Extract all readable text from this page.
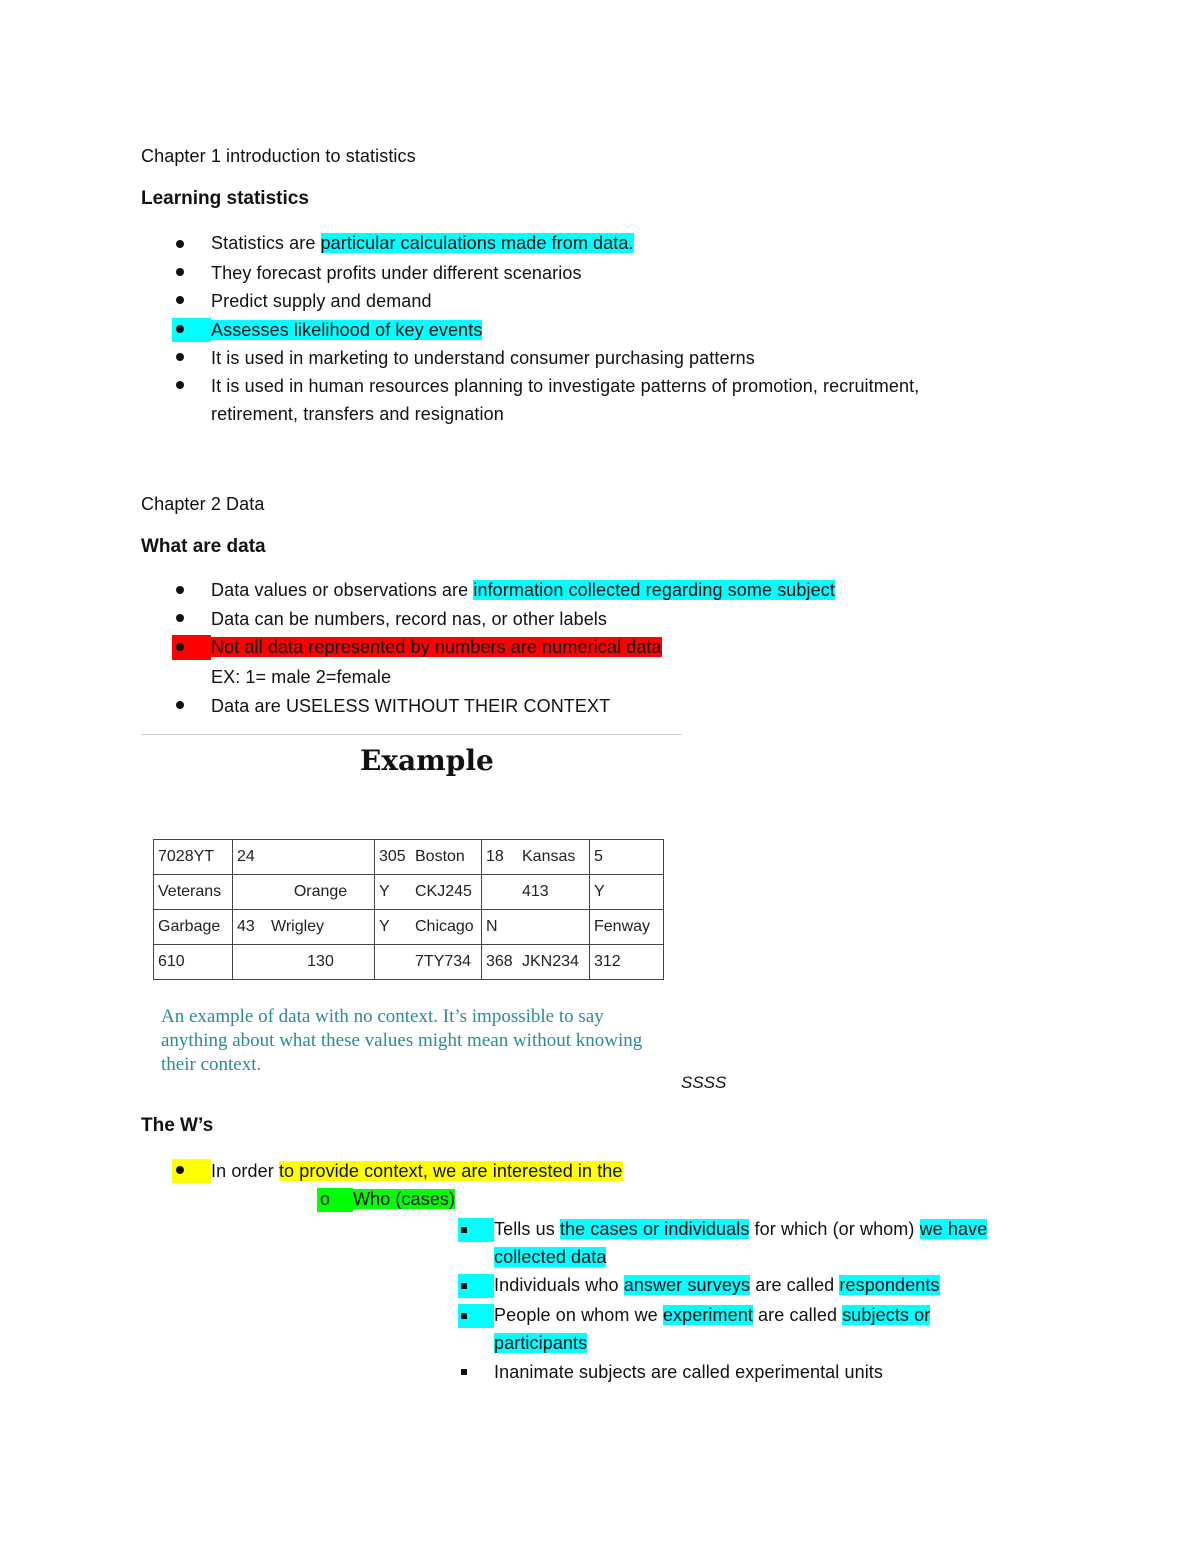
Chapter 1 introduction to statistics
Learning statistics
Statistics are particular calculations made from data.
They forecast profits under different scenarios
Predict supply and demand
Assesses likelihood of key events
It is used in marketing to understand consumer purchasing patterns
It is used in human resources planning to investigate patterns of promotion, recruitment,
retirement, transfers and resignation
Chapter 2 Data
What are data
Data values or observations are information collected regarding some subject
Data can be numbers, record nas, or other labels
Not all data represented by numbers are numerical data
EX: 1= male 2=female
Data are USELESS WITHOUT THEIR CONTEXT
Example
7028YT	24		305	Boston	18	Kansas	5
Veterans		Orange	Y	CKJ245		413	Y
Garbage	43	Wrigley	Y	Chicago	N		Fenway
610		130		7TY734	368	JKN234	312
An example of data with no context. It’s impossible to say
anything about what these values might mean without knowing
their context.
SSSS
The W’s
In order to provide context, we are interested in the
o	Who (cases)
Tells us the cases or individuals for which (or whom) we have
collected data
Individuals who answer surveys are called respondents
People on whom we experiment are called subjects or
participants
Inanimate subjects are called experimental units
